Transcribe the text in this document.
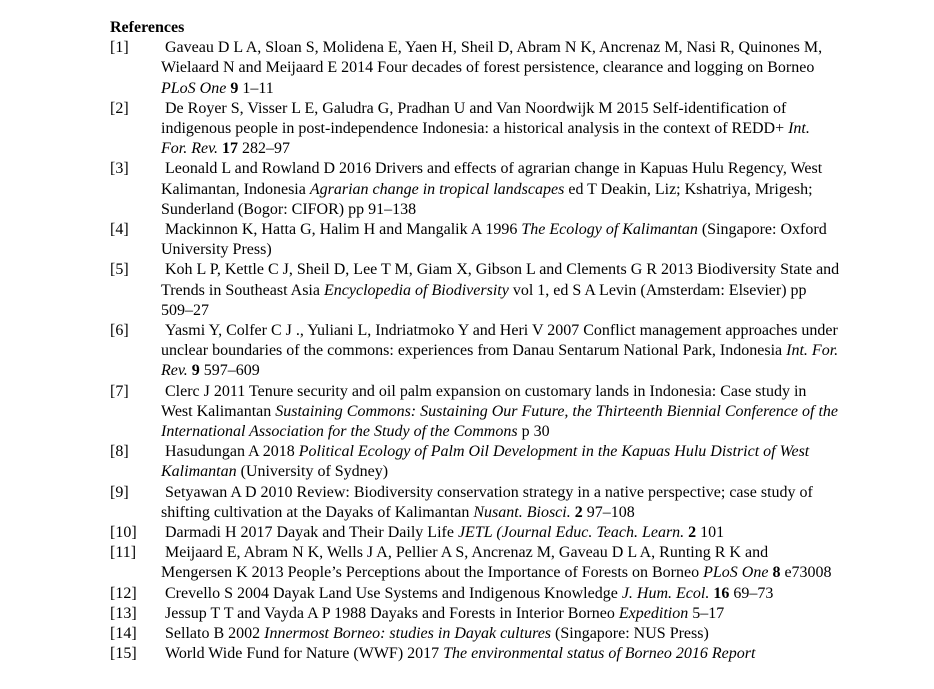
References

[1] Gaveau D L A, Sloan S, Molidena E, Yaen H, Sheil D, Abram N K, Ancrenaz M, Nasi R, Quinones M, Wielaard N and Meijaard E 2014 Four decades of forest persistence, clearance and logging on Borneo PLoS One 9 1–11

[2] De Royer S, Visser L E, Galudra G, Pradhan U and Van Noordwijk M 2015 Self-identification of indigenous people in post-independence Indonesia: a historical analysis in the context of REDD+ Int. For. Rev. 17 282–97

[3] Leonald L and Rowland D 2016 Drivers and effects of agrarian change in Kapuas Hulu Regency, West Kalimantan, Indonesia Agrarian change in tropical landscapes ed T Deakin, Liz; Kshatriya, Mrigesh; Sunderland (Bogor: CIFOR) pp 91–138

[4] Mackinnon K, Hatta G, Halim H and Mangalik A 1996 The Ecology of Kalimantan (Singapore: Oxford University Press)

[5] Koh L P, Kettle C J, Sheil D, Lee T M, Giam X, Gibson L and Clements G R 2013 Biodiversity State and Trends in Southeast Asia Encyclopedia of Biodiversity vol 1, ed S A Levin (Amsterdam: Elsevier) pp 509–27

[6] Yasmi Y, Colfer C J ., Yuliani L, Indriatmoko Y and Heri V 2007 Conflict management approaches under unclear boundaries of the commons: experiences from Danau Sentarum National Park, Indonesia Int. For. Rev. 9 597–609

[7] Clerc J 2011 Tenure security and oil palm expansion on customary lands in Indonesia: Case study in West Kalimantan Sustaining Commons: Sustaining Our Future, the Thirteenth Biennial Conference of the International Association for the Study of the Commons p 30

[8] Hasudungan A 2018 Political Ecology of Palm Oil Development in the Kapuas Hulu District of West Kalimantan (University of Sydney)

[9] Setyawan A D 2010 Review: Biodiversity conservation strategy in a native perspective; case study of shifting cultivation at the Dayaks of Kalimantan Nusant. Biosci. 2 97–108

[10] Darmadi H 2017 Dayak and Their Daily Life JETL (Journal Educ. Teach. Learn. 2 101

[11] Meijaard E, Abram N K, Wells J A, Pellier A S, Ancrenaz M, Gaveau D L A, Runting R K and Mengersen K 2013 People’s Perceptions about the Importance of Forests on Borneo PLoS One 8 e73008

[12] Crevello S 2004 Dayak Land Use Systems and Indigenous Knowledge J. Hum. Ecol. 16 69–73

[13] Jessup T T and Vayda A P 1988 Dayaks and Forests in Interior Borneo Expedition 5–17

[14] Sellato B 2002 Innermost Borneo: studies in Dayak cultures (Singapore: NUS Press)

[15] World Wide Fund for Nature (WWF) 2017 The environmental status of Borneo 2016 Report
